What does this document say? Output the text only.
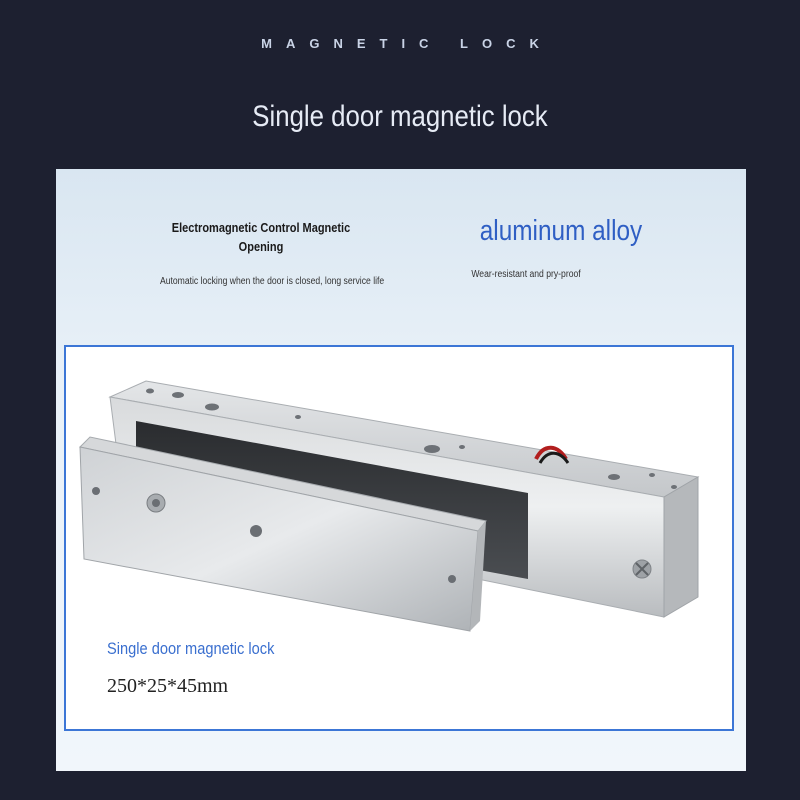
MAGNETIC LOCK
Single door magnetic lock
Electromagnetic Control Magnetic Opening
Automatic locking when the door is closed, long service life
aluminum alloy
Wear-resistant and pry-proof
Single door magnetic lock
250*25*45mm
